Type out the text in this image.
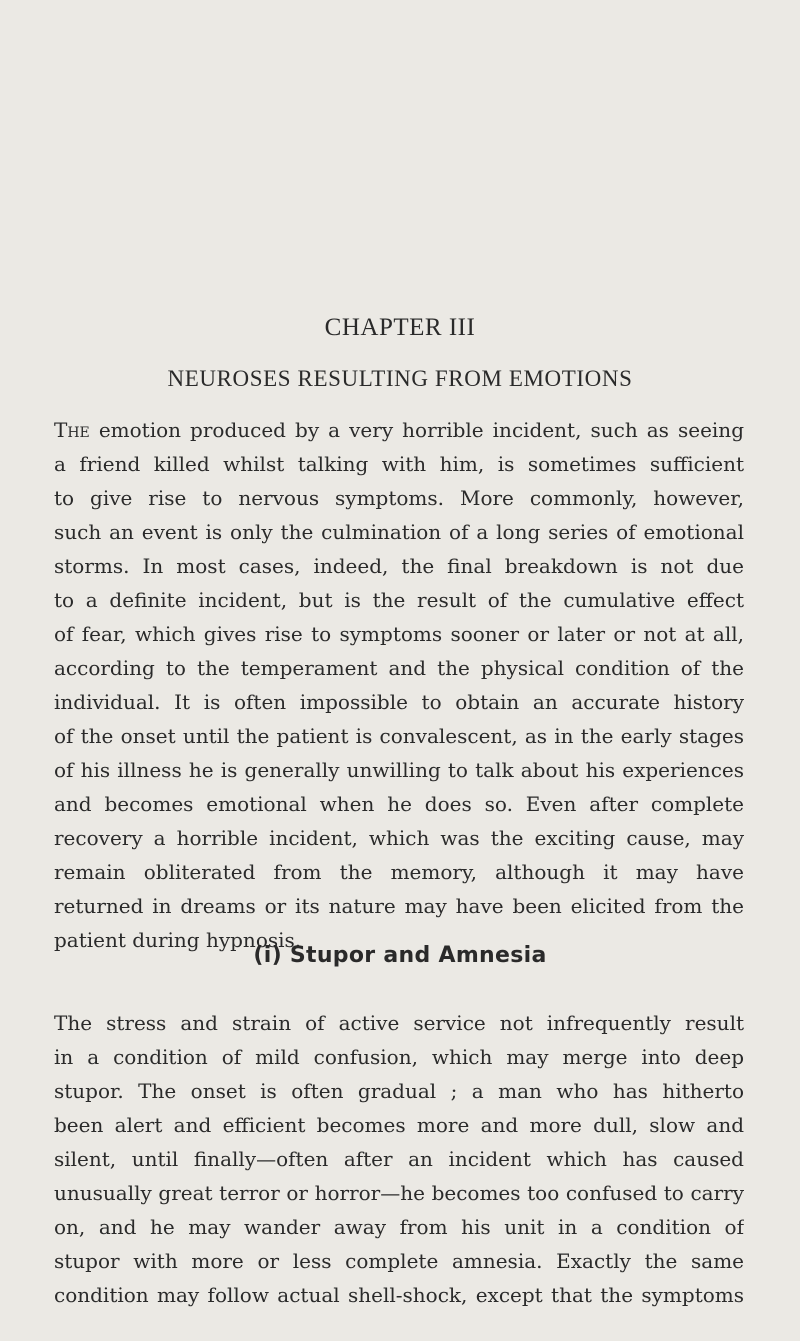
CHAPTER III
NEUROSES RESULTING FROM EMOTIONS
The emotion produced by a very horrible incident, such as seeing
a friend killed whilst talking with him, is sometimes sufficient
to give rise to nervous symptoms. More commonly, however,
such an event is only the culmination of a long series of emotional
storms. In most cases, indeed, the final breakdown is not due
to a definite incident, but is the result of the cumulative effect
of fear, which gives rise to symptoms sooner or later or not at all,
according to the temperament and the physical condition of the
individual. It is often impossible to obtain an accurate history
of the onset until the patient is convalescent, as in the early stages
of his illness he is generally unwilling to talk about his experiences
and becomes emotional when he does so. Even after complete
recovery a horrible incident, which was the exciting cause, may
remain obliterated from the memory, although it may have
returned in dreams or its nature may have been elicited from the
patient during hypnosis.
(i) Stupor and Amnesia
The stress and strain of active service not infrequently result
in a condition of mild confusion, which may merge into deep
stupor. The onset is often gradual ; a man who has hitherto
been alert and efficient becomes more and more dull, slow and
silent, until finally—often after an incident which has caused
unusually great terror or horror—he becomes too confused to carry
on, and he may wander away from his unit in a condition of
stupor with more or less complete amnesia. Exactly the same
condition may follow actual shell-shock, except that the symptoms
